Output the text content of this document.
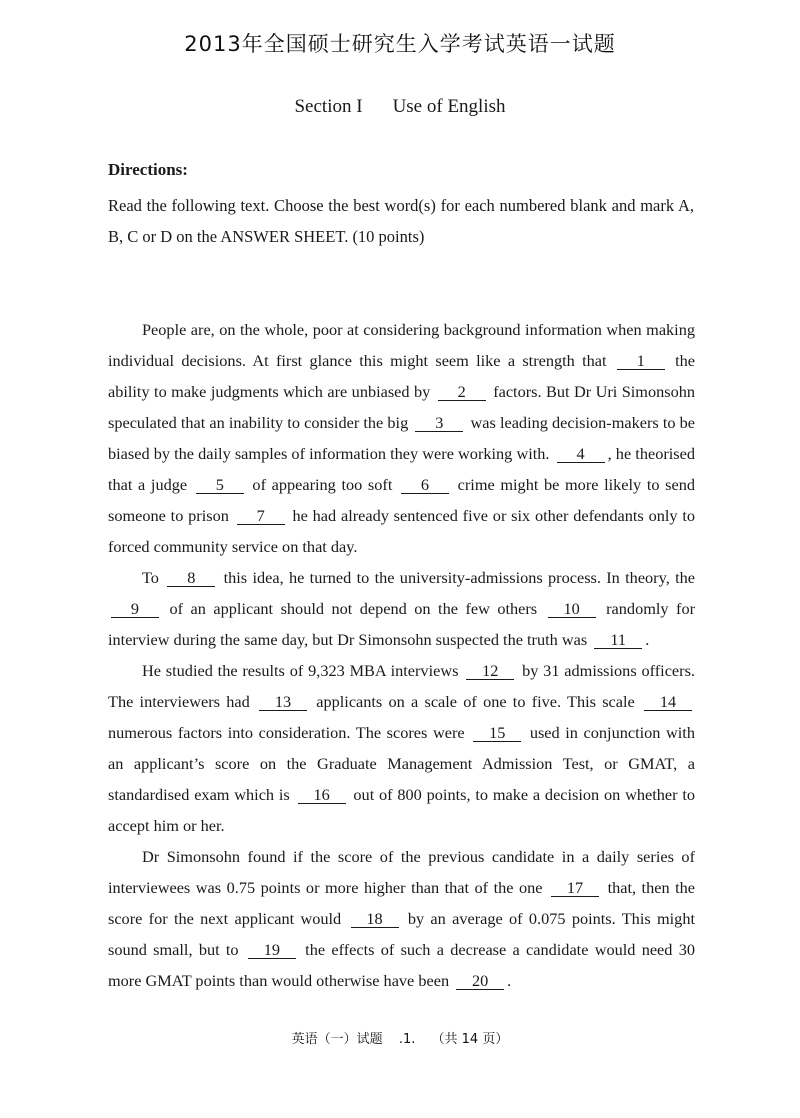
2013年全国硕士研究生入学考试英语一试题
Section I Use of English
Directions:

Read the following text. Choose the best word(s) for each numbered blank and mark A, B, C or D on the ANSWER SHEET. (10 points)

People are, on the whole, poor at considering background information when making individual decisions. At first glance this might seem like a strength that 1 the ability to make judgments which are unbiased by 2 factors. But Dr Uri Simonsohn speculated that an inability to consider the big 3 was leading decision-makers to be biased by the daily samples of information they were working with. 4 , he theorised that a judge 5 of appearing too soft 6 crime might be more likely to send someone to prison 7 he had already sentenced five or six other defendants only to forced community service on that day.

To 8 this idea, he turned to the university-admissions process. In theory, the 9 of an applicant should not depend on the few others 10 randomly for interview during the same day, but Dr Simonsohn suspected the truth was 11 .

He studied the results of 9,323 MBA interviews 12 by 31 admissions officers. The interviewers had 13 applicants on a scale of one to five. This scale 14 numerous factors into consideration. The scores were 15 used in conjunction with an applicant’s score on the Graduate Management Admission Test, or GMAT, a standardised exam which is 16 out of 800 points, to make a decision on whether to accept him or her.

Dr Simonsohn found if the score of the previous candidate in a daily series of interviewees was 0.75 points or more higher than that of the one 17 that, then the score for the next applicant would 18 by an average of 0.075 points. This might sound small, but to 19 the effects of such a decrease a candidate would need 30 more GMAT points than would otherwise have been 20 .

英语（一）试题 .1. （共 14 页）
